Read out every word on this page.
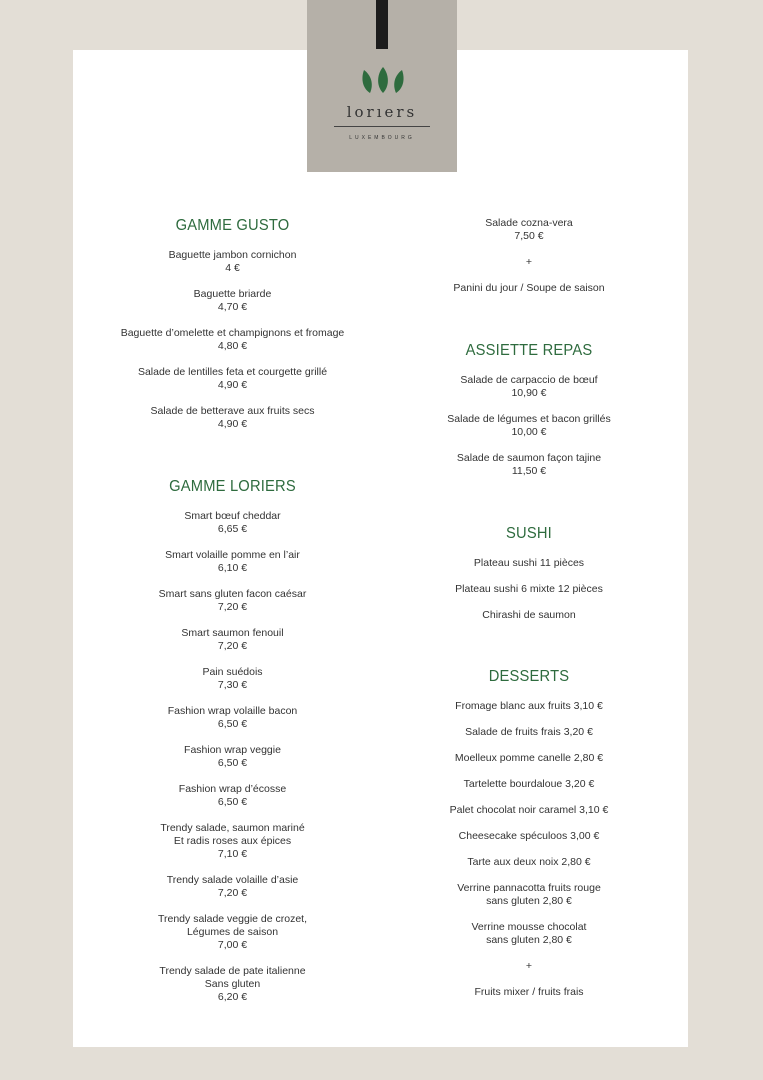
lorıers
LUXEMBOURG
GAMME GUSTO
Baguette jambon cornichon
4 €
Baguette briarde
4,70 €
Baguette d’omelette et champignons et fromage
4,80 €
Salade de lentilles feta et courgette grillé
4,90 €
Salade de betterave aux fruits secs
4,90 €
GAMME LORIERS
Smart bœuf cheddar
6,65 €
Smart volaille pomme en l’air
6,10 €
Smart sans gluten facon caésar
7,20 €
Smart saumon fenouil
7,20 €
Pain suédois
7,30 €
Fashion wrap volaille bacon
6,50 €
Fashion wrap veggie
6,50 €
Fashion wrap d’écosse
6,50 €
Trendy salade, saumon mariné
Et radis roses aux épices
7,10 €
Trendy salade volaille d’asie
7,20 €
Trendy salade veggie de crozet,
Légumes de saison
7,00 €
Trendy salade de pate italienne
Sans gluten
6,20 €
Salade cozna-vera
7,50 €
+
Panini du jour / Soupe de saison
ASSIETTE REPAS
Salade de carpaccio de bœuf
10,90 €
Salade de légumes et bacon grillés
10,00 €
Salade de saumon façon tajine
11,50 €
SUSHI
Plateau sushi 11 pièces
Plateau sushi 6 mixte 12 pièces
Chirashi de saumon
DESSERTS
Fromage blanc aux fruits 3,10 €
Salade de fruits frais 3,20 €
Moelleux pomme canelle 2,80 €
Tartelette bourdaloue 3,20 €
Palet chocolat noir caramel 3,10 €
Cheesecake spéculoos 3,00 €
Tarte aux deux noix 2,80 €
Verrine pannacotta fruits rouge
sans gluten 2,80 €
Verrine mousse chocolat
sans gluten 2,80 €
+
Fruits mixer / fruits frais
